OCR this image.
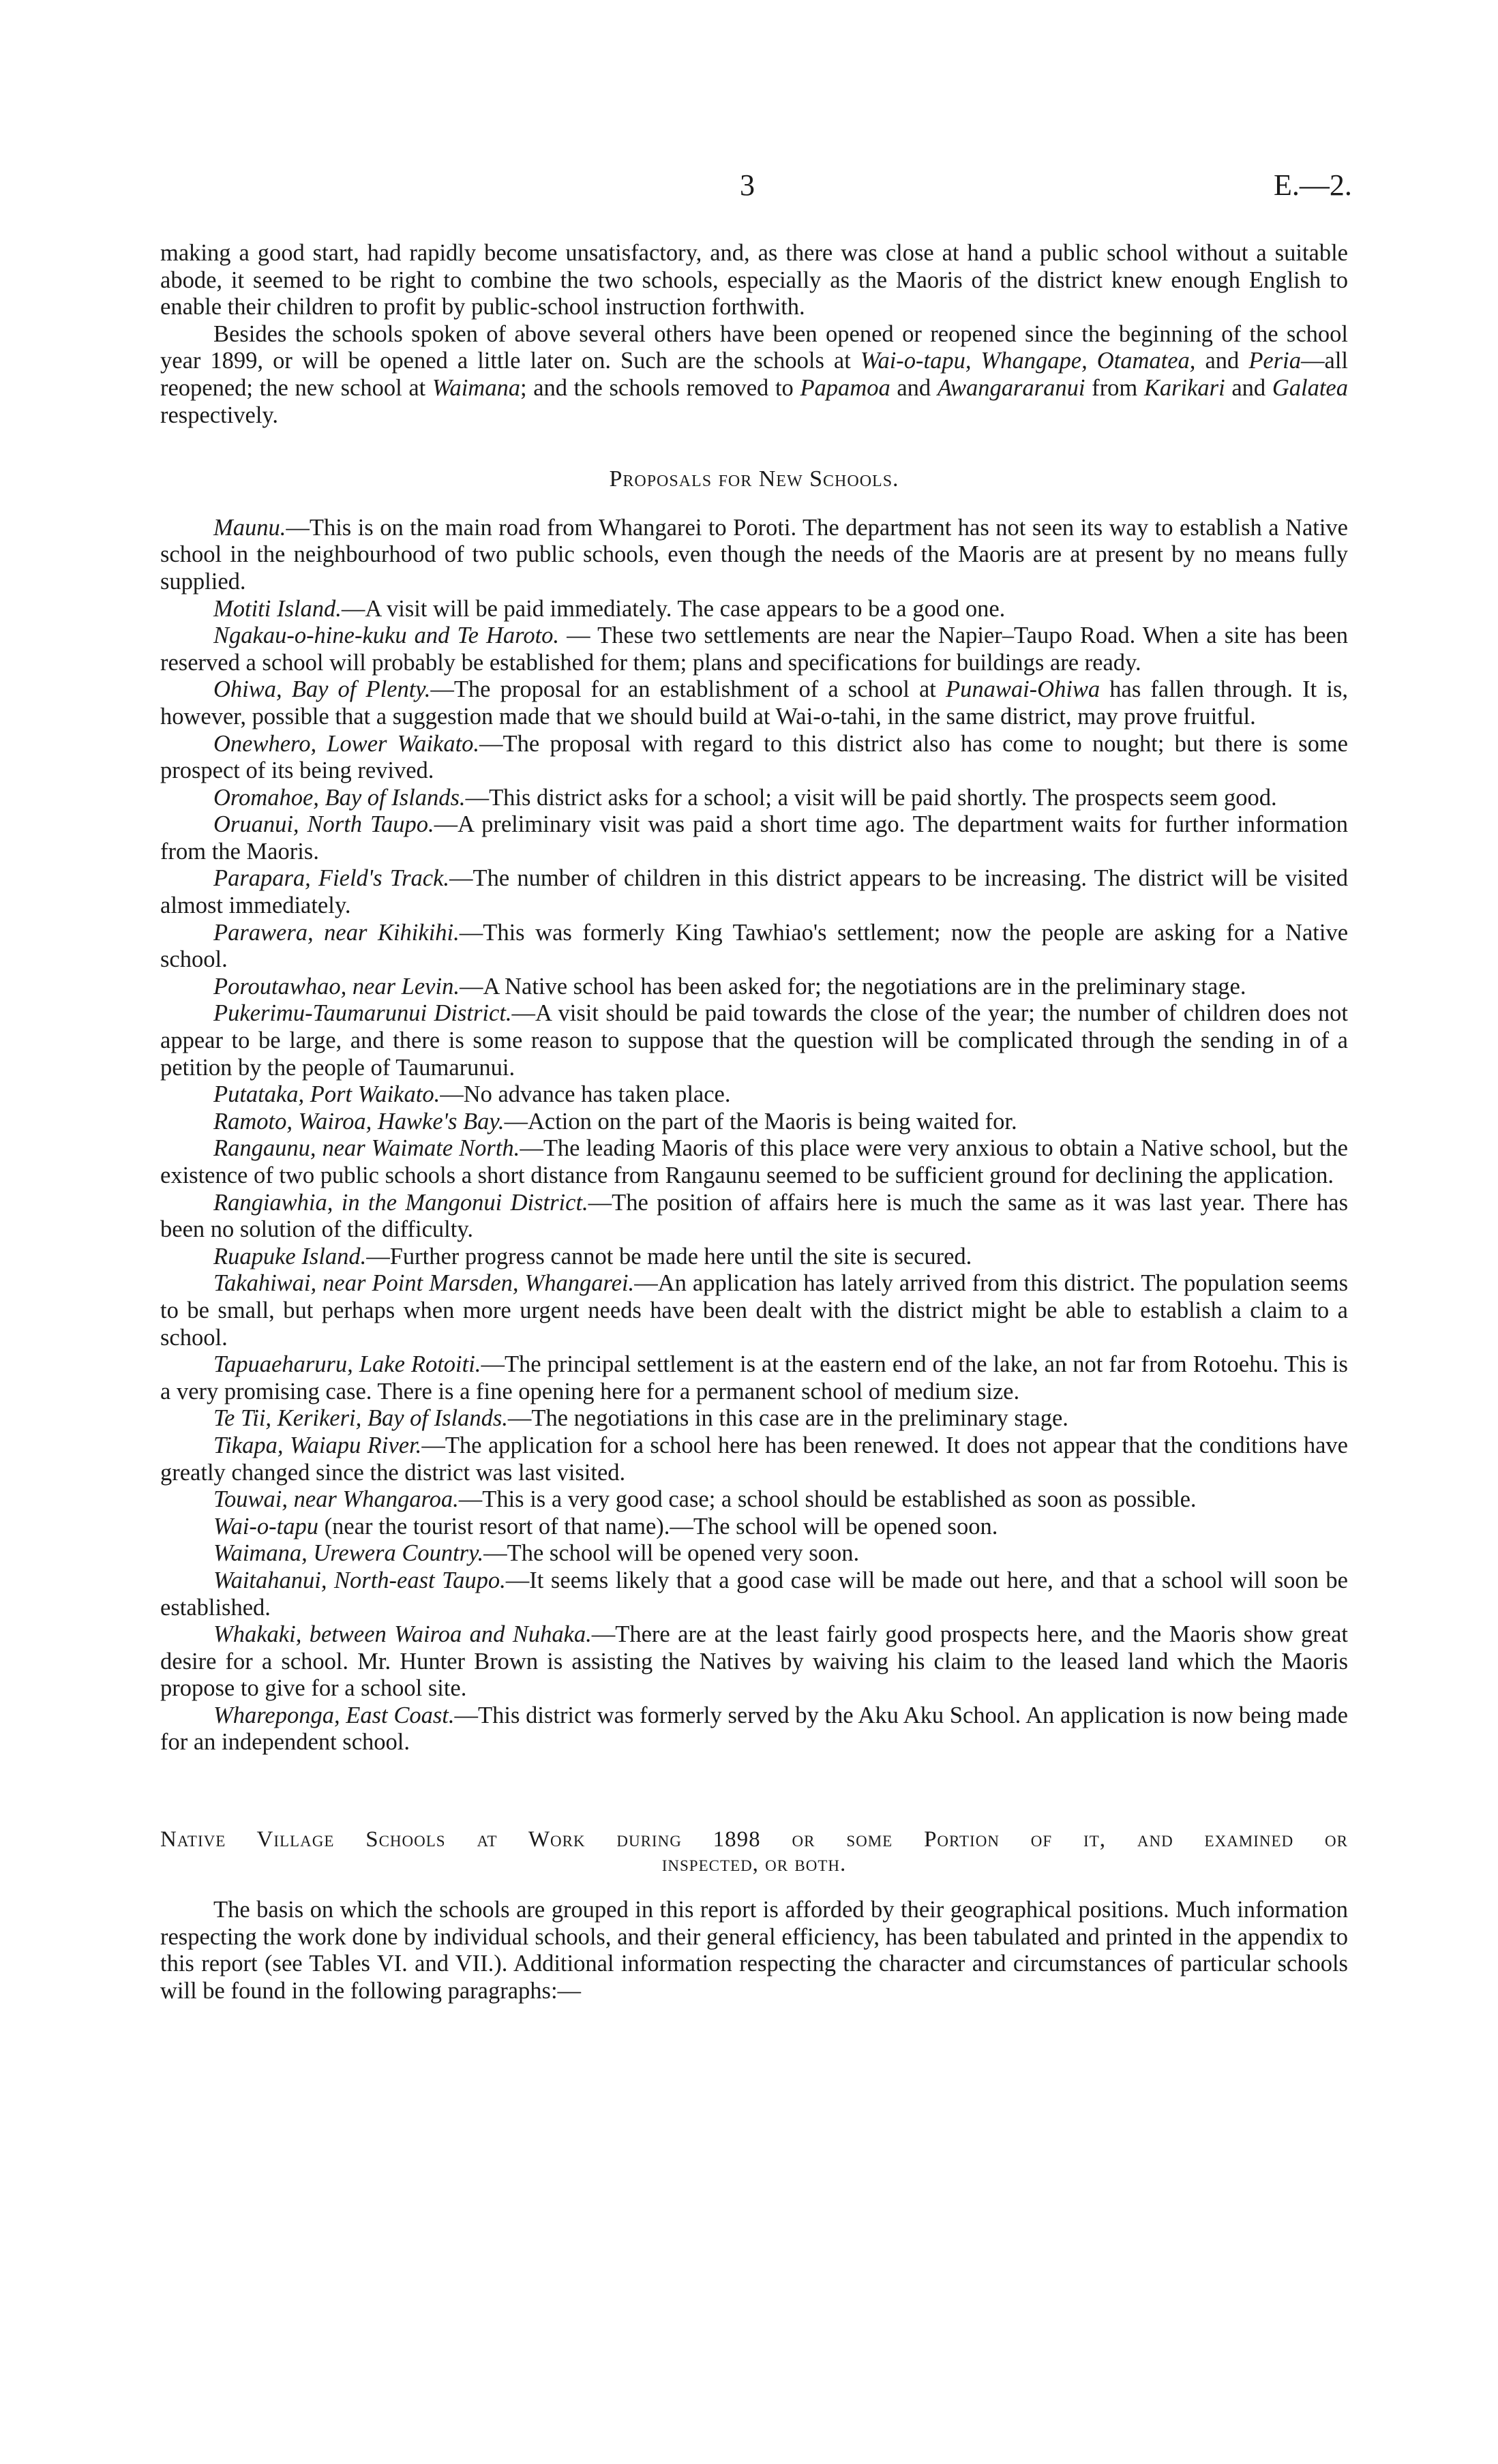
3	E.—2.

making a good start, had rapidly become unsatisfactory, and, as there was close at hand a public school without a suitable abode, it seemed to be right to combine the two schools, especially as the Maoris of the district knew enough English to enable their children to profit by public-school instruction forthwith.

Besides the schools spoken of above several others have been opened or reopened since the beginning of the school year 1899, or will be opened a little later on. Such are the schools at Wai-o-tapu, Whangape, Otamatea, and Peria—all reopened; the new school at Waimana; and the schools removed to Papamoa and Awangararanui from Karikari and Galatea respectively.

Proposals for New Schools.

Maunu.—This is on the main road from Whangarei to Poroti. The department has not seen its way to establish a Native school in the neighbourhood of two public schools, even though the needs of the Maoris are at present by no means fully supplied.

Motiti Island.—A visit will be paid immediately. The case appears to be a good one.

Ngakau-o-hine-kuku and Te Haroto. — These two settlements are near the Napier–Taupo Road. When a site has been reserved a school will probably be established for them; plans and specifications for buildings are ready.

Ohiwa, Bay of Plenty.—The proposal for an establishment of a school at Punawai-Ohiwa has fallen through. It is, however, possible that a suggestion made that we should build at Wai-o-tahi, in the same district, may prove fruitful.

Onewhero, Lower Waikato.—The proposal with regard to this district also has come to nought; but there is some prospect of its being revived.

Oromahoe, Bay of Islands.—This district asks for a school; a visit will be paid shortly. The prospects seem good.

Oruanui, North Taupo.—A preliminary visit was paid a short time ago. The department waits for further information from the Maoris.

Parapara, Field's Track.—The number of children in this district appears to be increasing. The district will be visited almost immediately.

Parawera, near Kihikihi.—This was formerly King Tawhiao's settlement; now the people are asking for a Native school.

Poroutawhao, near Levin.—A Native school has been asked for; the negotiations are in the preliminary stage.

Pukerimu-Taumarunui District.—A visit should be paid towards the close of the year; the number of children does not appear to be large, and there is some reason to suppose that the question will be complicated through the sending in of a petition by the people of Taumarunui.

Putataka, Port Waikato.—No advance has taken place.

Ramoto, Wairoa, Hawke's Bay.—Action on the part of the Maoris is being waited for.

Rangaunu, near Waimate North.—The leading Maoris of this place were very anxious to obtain a Native school, but the existence of two public schools a short distance from Rangaunu seemed to be sufficient ground for declining the application.

Rangiawhia, in the Mangonui District.—The position of affairs here is much the same as it was last year. There has been no solution of the difficulty.

Ruapuke Island.—Further progress cannot be made here until the site is secured.

Takahiwai, near Point Marsden, Whangarei.—An application has lately arrived from this district. The population seems to be small, but perhaps when more urgent needs have been dealt with the district might be able to establish a claim to a school.

Tapuaeharuru, Lake Rotoiti.—The principal settlement is at the eastern end of the lake, an not far from Rotoehu. This is a very promising case. There is a fine opening here for a permanent school of medium size.

Te Tii, Kerikeri, Bay of Islands.—The negotiations in this case are in the preliminary stage.

Tikapa, Waiapu River.—The application for a school here has been renewed. It does not appear that the conditions have greatly changed since the district was last visited.

Touwai, near Whangaroa.—This is a very good case; a school should be established as soon as possible.

Wai-o-tapu (near the tourist resort of that name).—The school will be opened soon.

Waimana, Urewera Country.—The school will be opened very soon.

Waitahanui, North-east Taupo.—It seems likely that a good case will be made out here, and that a school will soon be established.

Whakaki, between Wairoa and Nuhaka.—There are at the least fairly good prospects here, and the Maoris show great desire for a school. Mr. Hunter Brown is assisting the Natives by waiving his claim to the leased land which the Maoris propose to give for a school site.

Whareponga, East Coast.—This district was formerly served by the Aku Aku School. An application is now being made for an independent school.

Native Village Schools at Work during 1898 or some Portion of it, and examined or
inspected, or both.

The basis on which the schools are grouped in this report is afforded by their geographical positions. Much information respecting the work done by individual schools, and their general efficiency, has been tabulated and printed in the appendix to this report (see Tables VI. and VII.). Additional information respecting the character and circumstances of particular schools will be found in the following paragraphs:—
